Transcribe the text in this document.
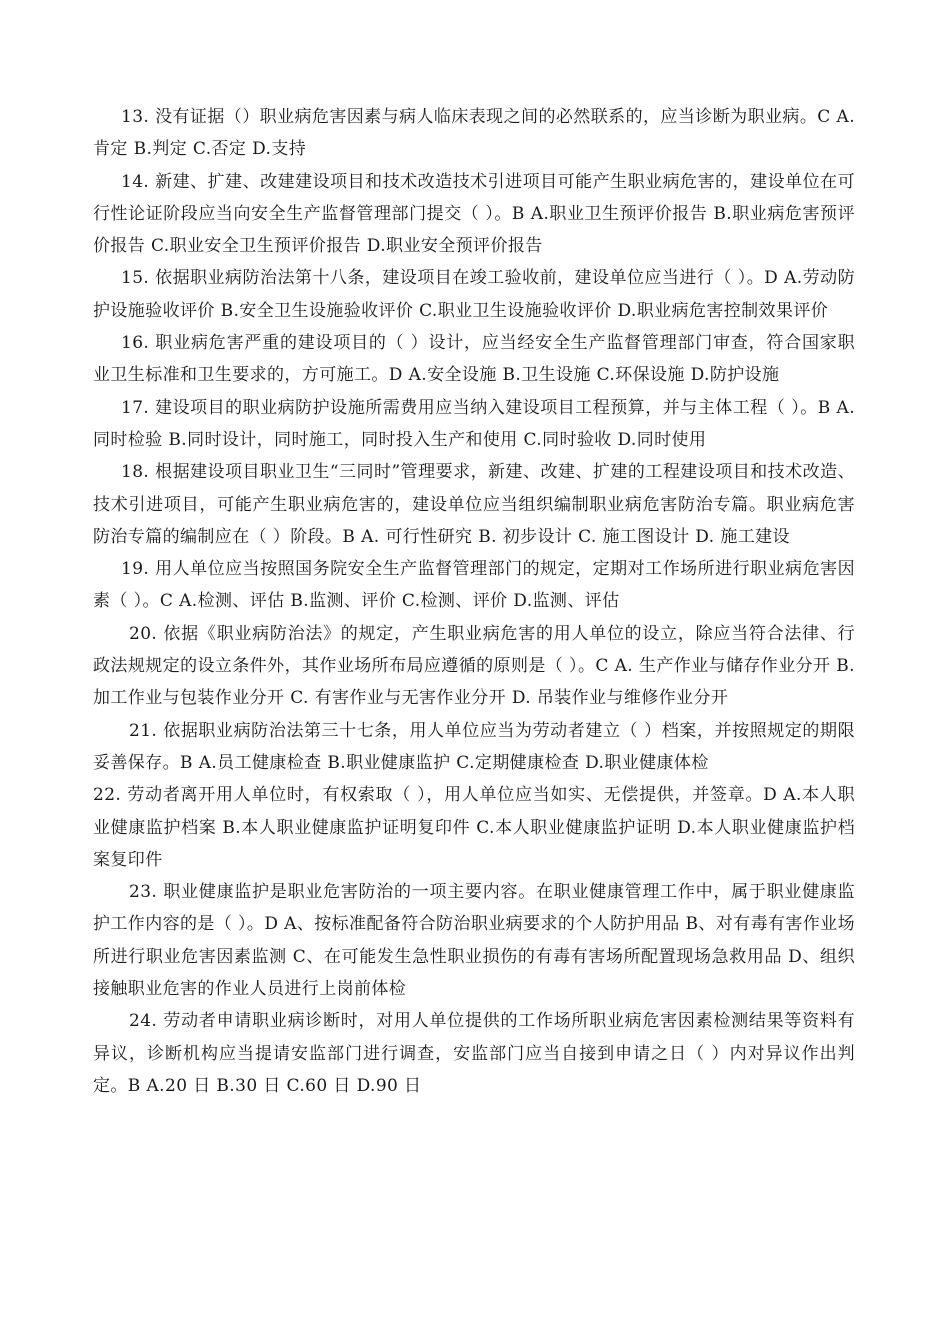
13. 没有证据（）职业病危害因素与病人临床表现之间的必然联系的，应当诊断为职业病。C A.肯定 B.判定 C.否定 D.支持

14. 新建、扩建、改建建设项目和技术改造技术引进项目可能产生职业病危害的，建设单位在可行性论证阶段应当向安全生产监督管理部门提交（ ）。B A.职业卫生预评价报告 B.职业病危害预评价报告 C.职业安全卫生预评价报告 D.职业安全预评价报告

15. 依据职业病防治法第十八条，建设项目在竣工验收前，建设单位应当进行（ ）。D A.劳动防护设施验收评价 B.安全卫生设施验收评价 C.职业卫生设施验收评价 D.职业病危害控制效果评价

16. 职业病危害严重的建设项目的（ ）设计，应当经安全生产监督管理部门审查，符合国家职业卫生标准和卫生要求的，方可施工。D A.安全设施 B.卫生设施 C.环保设施 D.防护设施

17. 建设项目的职业病防护设施所需费用应当纳入建设项目工程预算，并与主体工程（ ）。B A.同时检验 B.同时设计，同时施工，同时投入生产和使用 C.同时验收 D.同时使用

18. 根据建设项目职业卫生“三同时”管理要求，新建、改建、扩建的工程建设项目和技术改造、技术引进项目，可能产生职业病危害的，建设单位应当组织编制职业病危害防治专篇。职业病危害防治专篇的编制应在（ ）阶段。B A. 可行性研究 B. 初步设计 C. 施工图设计 D. 施工建设

19. 用人单位应当按照国务院安全生产监督管理部门的规定，定期对工作场所进行职业病危害因素（ ）。C A.检测、评估 B.监测、评价 C.检测、评价 D.监测、评估

20. 依据《职业病防治法》的规定，产生职业病危害的用人单位的设立，除应当符合法律、行政法规规定的设立条件外，其作业场所布局应遵循的原则是（ ）。C A. 生产作业与储存作业分开 B. 加工作业与包装作业分开 C. 有害作业与无害作业分开 D. 吊装作业与维修作业分开

21. 依据职业病防治法第三十七条，用人单位应当为劳动者建立（ ）档案，并按照规定的期限妥善保存。B A.员工健康检查 B.职业健康监护 C.定期健康检查 D.职业健康体检

22. 劳动者离开用人单位时，有权索取（ ），用人单位应当如实、无偿提供，并签章。D A.本人职业健康监护档案 B.本人职业健康监护证明复印件 C.本人职业健康监护证明 D.本人职业健康监护档案复印件

23. 职业健康监护是职业危害防治的一项主要内容。在职业健康管理工作中，属于职业健康监护工作内容的是（ ）。D A、按标准配备符合防治职业病要求的个人防护用品 B、对有毒有害作业场所进行职业危害因素监测 C、在可能发生急性职业损伤的有毒有害场所配置现场急救用品 D、组织接触职业危害的作业人员进行上岗前体检

24. 劳动者申请职业病诊断时，对用人单位提供的工作场所职业病危害因素检测结果等资料有异议，诊断机构应当提请安监部门进行调查，安监部门应当自接到申请之日（ ）内对异议作出判定。B A.20 日 B.30 日 C.60 日 D.90 日
